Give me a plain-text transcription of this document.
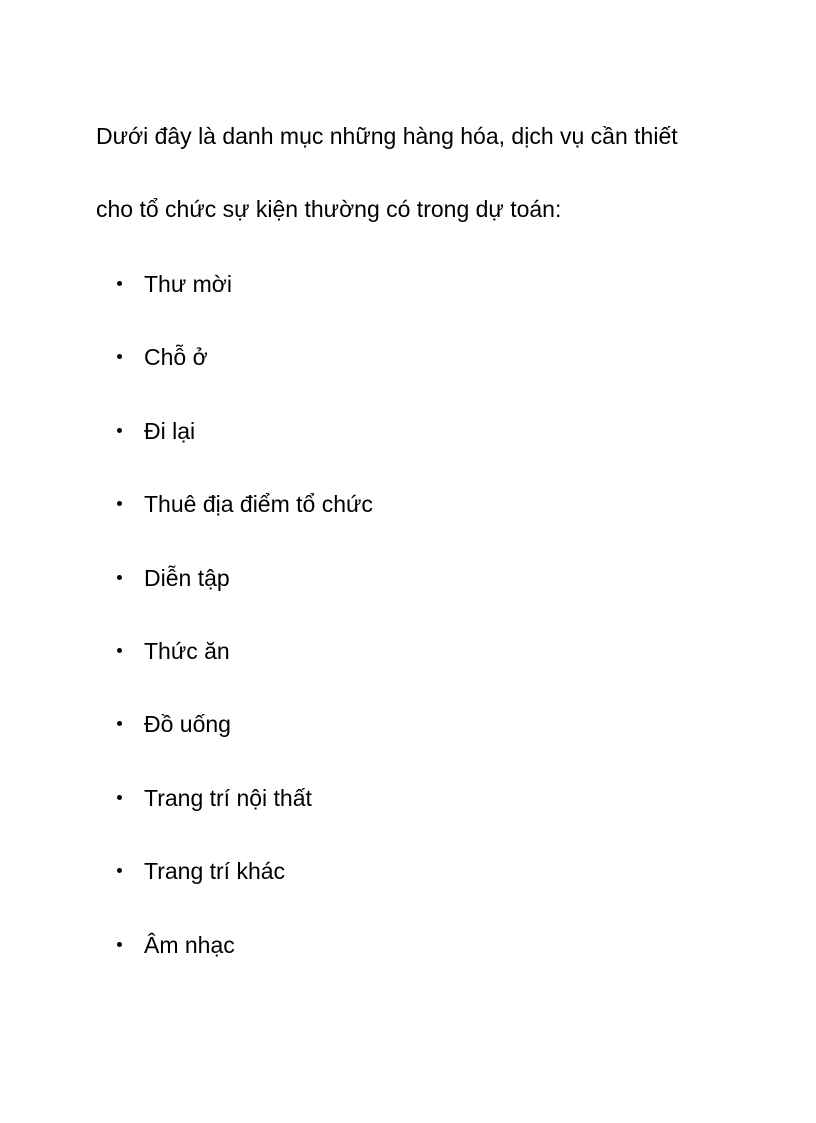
Dưới đây là danh mục những hàng hóa, dịch vụ cần thiết
cho tổ chức sự kiện thường có trong dự toán:

Thư mời
Chỗ ở
Đi lại
Thuê địa điểm tổ chức
Diễn tập
Thức ăn
Đồ uống
Trang trí nội thất
Trang trí khác
Âm nhạc
